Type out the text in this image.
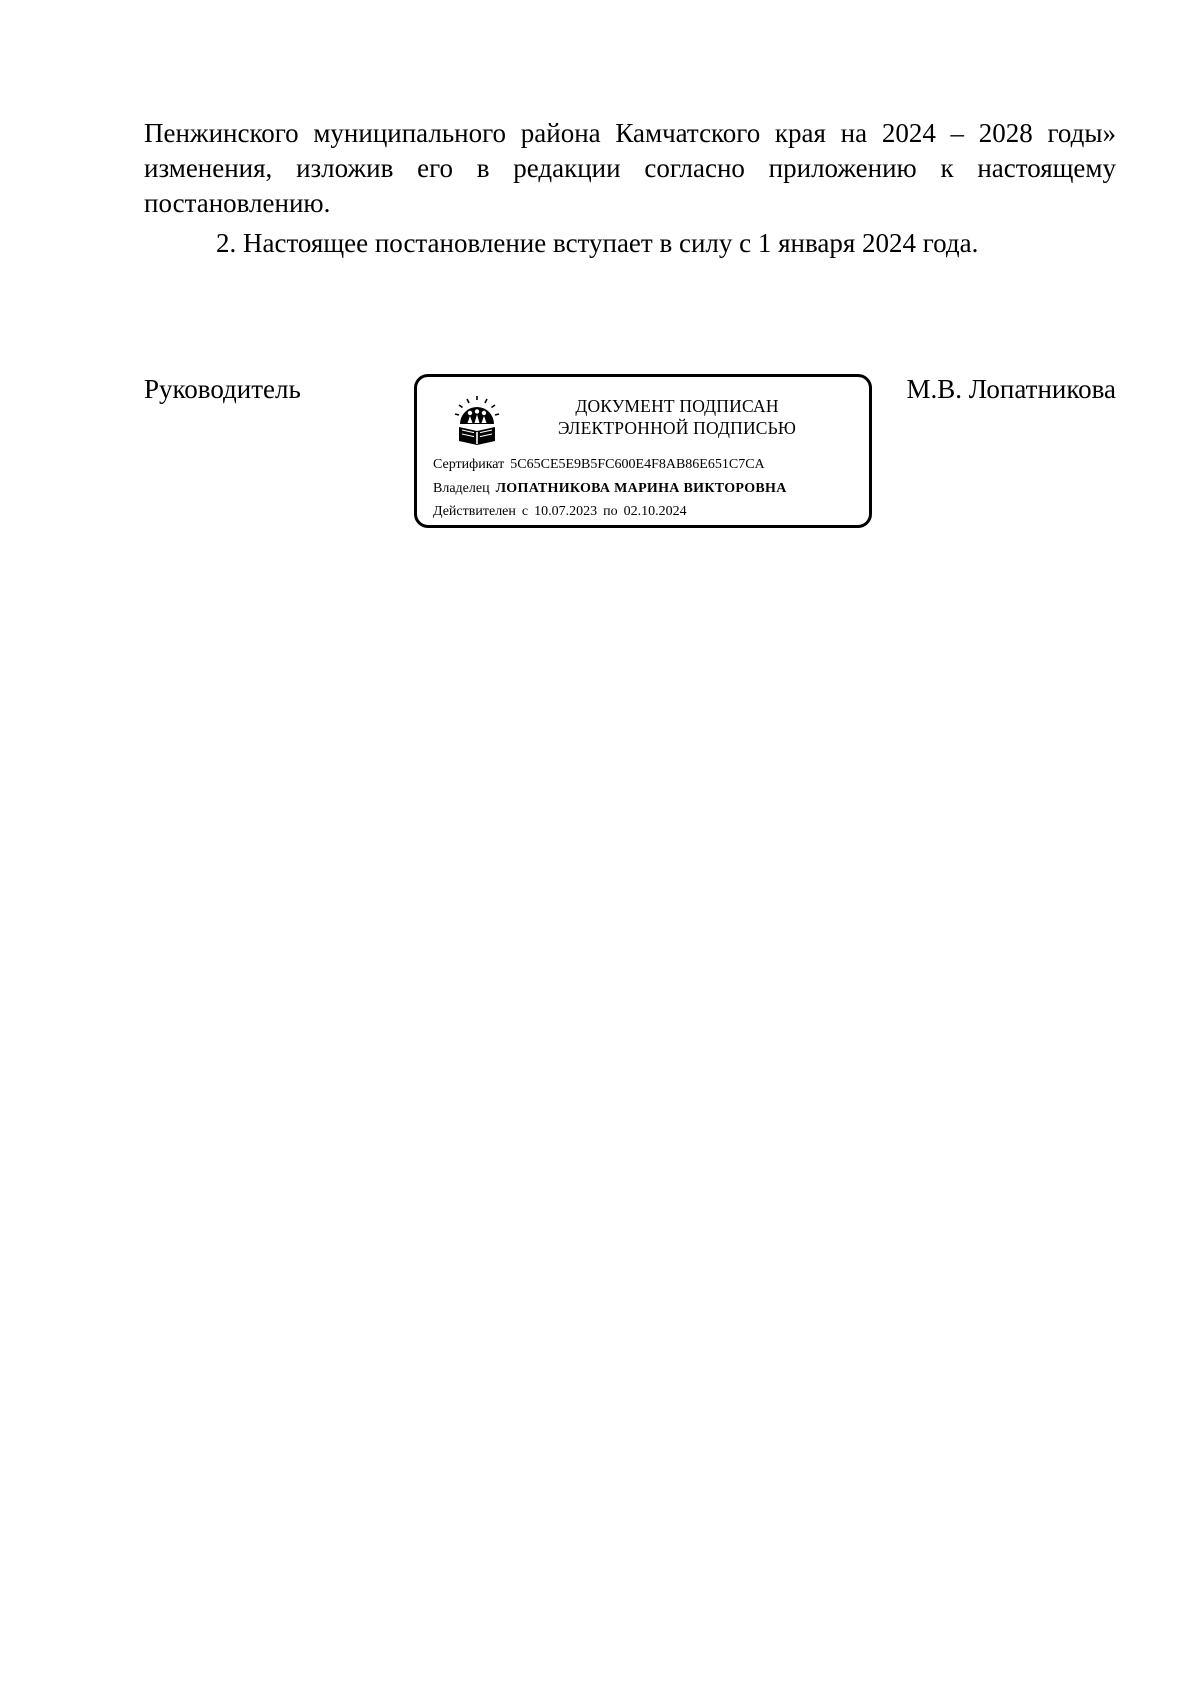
Пенжинского муниципального района Камчатского края на 2024 – 2028 годы»

изменения, изложив его в редакции согласно приложению к настоящему

постановлению.

2. Настоящее постановление вступает в силу с 1 января 2024 года.

Руководитель	М.В. Лопатникова
ДОКУМЕНТ ПОДПИСАН
ЭЛЕКТРОННОЙ ПОДПИСЬЮ
Сертификат 5C65CE5E9B5FC600E4F8AB86E651C7CA
Владелец ЛОПАТНИКОВА МАРИНА ВИКТОРОВНА
Действителен с 10.07.2023 по 02.10.2024
